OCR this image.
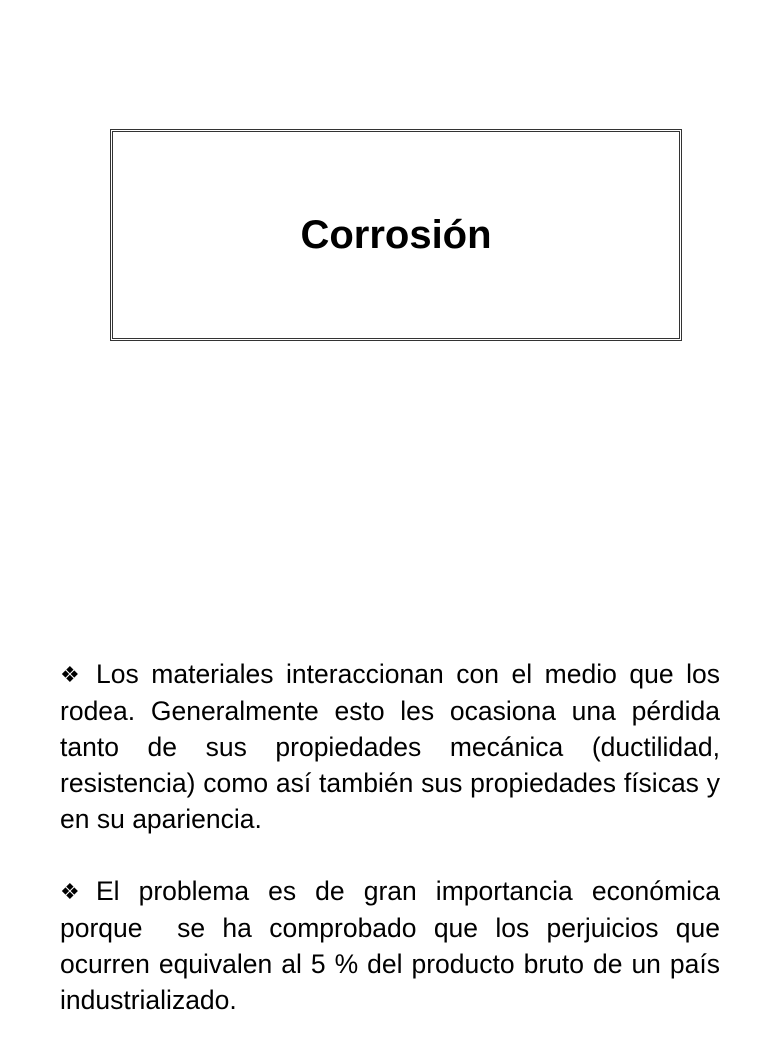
Corrosión

❖ Los materiales interaccionan con el medio que los rodea. Generalmente esto les ocasiona una pérdida tanto de sus propiedades mecánica (ductilidad, resistencia) como así también sus propiedades físicas y en su apariencia.

❖ El problema es de gran importancia económica porque  se ha comprobado que los perjuicios que ocurren equivalen al 5 % del producto bruto de un país industrializado.
